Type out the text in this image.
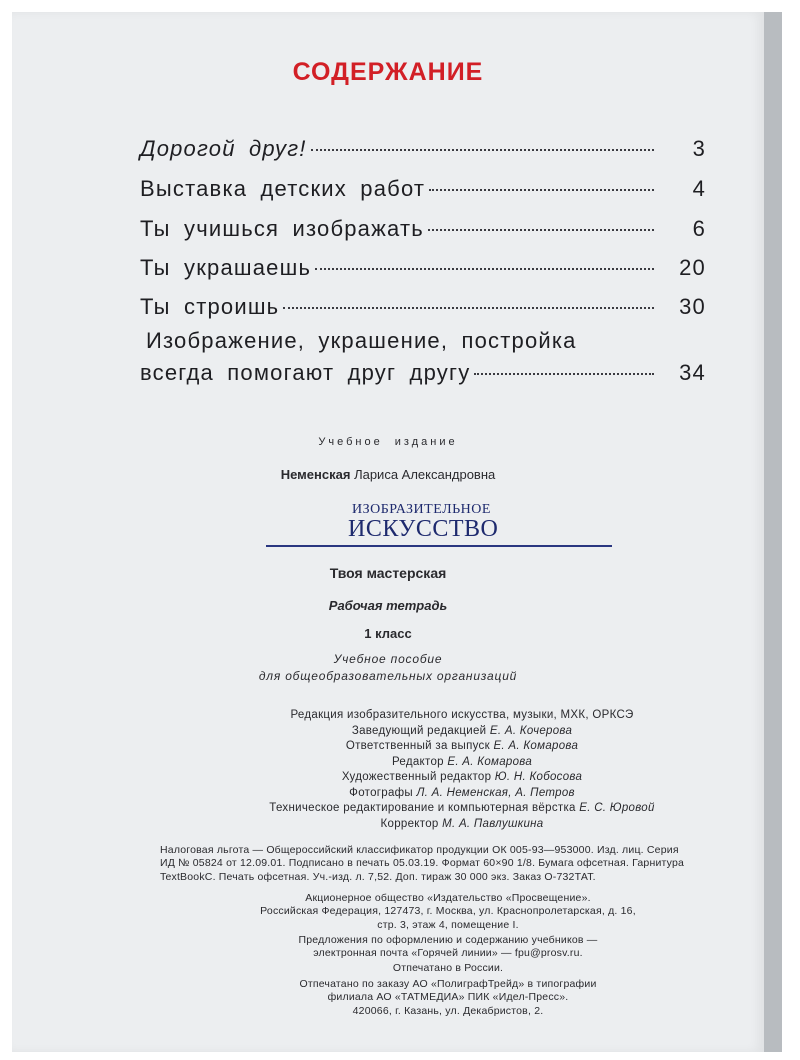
СОДЕРЖАНИЕ
Дорогой друг!	3
Выставка детских работ	4
Ты учишься изображать	6
Ты украшаешь	20
Ты строишь	30
Изображение, украшение, постройка
всегда помогают друг другу	34
Учебное издание
Неменская Лариса Александровна
ИЗОБРАЗИТЕЛЬНОЕ
ИСКУССТВО
Твоя мастерская
Рабочая тетрадь
1 класс
Учебное пособие
для общеобразовательных организаций
Редакция изобразительного искусства, музыки, МХК, ОРКСЭ
Заведующий редакцией Е. А. Кочерова
Ответственный за выпуск Е. А. Комарова
Редактор Е. А. Комарова
Художественный редактор Ю. Н. Кобосова
Фотографы Л. А. Неменская, А. Петров
Техническое редактирование и компьютерная вёрстка Е. С. Юровой
Корректор М. А. Павлушкина
Налоговая льгота — Общероссийский классификатор продукции ОК 005-93—953000. Изд. лиц. Серия
ИД № 05824 от 12.09.01. Подписано в печать 05.03.19. Формат 60×90 1/8. Бумага офсетная. Гарнитура
TextBookC. Печать офсетная. Уч.-изд. л. 7,52. Доп. тираж 30 000 экз. Заказ О-732ТАТ.
Акционерное общество «Издательство «Просвещение».
Российская Федерация, 127473, г. Москва, ул. Краснопролетарская, д. 16,
стр. 3, этаж 4, помещение I.
Предложения по оформлению и содержанию учебников —
электронная почта «Горячей линии» — fpu@prosv.ru.
Отпечатано в России.
Отпечатано по заказу АО «ПолиграфТрейд» в типографии
филиала АО «ТАТМЕДИА» ПИК «Идел-Пресс».
420066, г. Казань, ул. Декабристов, 2.
